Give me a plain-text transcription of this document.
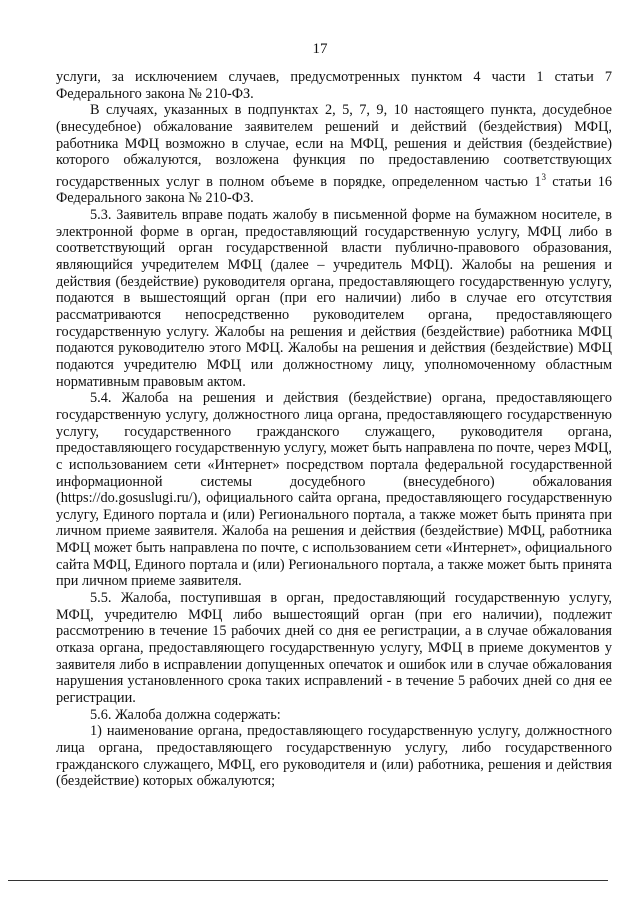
17

услуги, за исключением случаев, предусмотренных пунктом 4 части 1 статьи 7 Федерального закона № 210-ФЗ.

В случаях, указанных в подпунктах 2, 5, 7, 9, 10 настоящего пункта, досудебное (внесудебное) обжалование заявителем решений и действий (бездействия) МФЦ, работника МФЦ возможно в случае, если на МФЦ, решения и действия (бездействие) которого обжалуются, возложена функция по предоставлению соответствующих государственных услуг в полном объеме в порядке, определенном частью $1^3$ статьи 16 Федерального закона № 210-ФЗ.

5.3. Заявитель вправе подать жалобу в письменной форме на бумажном носителе, в электронной форме в орган, предоставляющий государственную услугу, МФЦ либо в соответствующий орган государственной власти публично-правового образования, являющийся учредителем МФЦ (далее – учредитель МФЦ). Жалобы на решения и действия (бездействие) руководителя органа, предоставляющего государственную услугу, подаются в вышестоящий орган (при его наличии) либо в случае его отсутствия рассматриваются непосредственно руководителем органа, предоставляющего государственную услугу. Жалобы на решения и действия (бездействие) работника МФЦ подаются руководителю этого МФЦ. Жалобы на решения и действия (бездействие) МФЦ подаются учредителю МФЦ или должностному лицу, уполномоченному областным нормативным правовым актом.

5.4. Жалоба на решения и действия (бездействие) органа, предоставляющего государственную услугу, должностного лица органа, предоставляющего государственную услугу, государственного гражданского служащего, руководителя органа, предоставляющего государственную услугу, может быть направлена по почте, через МФЦ, с использованием сети «Интернет» посредством портала федеральной государственной информационной системы досудебного (внесудебного) обжалования (https://do.gosuslugi.ru/), официального сайта органа, предоставляющего государственную услугу, Единого портала и (или) Регионального портала, а также может быть принята при личном приеме заявителя. Жалоба на решения и действия (бездействие) МФЦ, работника МФЦ может быть направлена по почте, с использованием сети «Интернет», официального сайта МФЦ, Единого портала и (или) Регионального портала, а также может быть принята при личном приеме заявителя.

5.5. Жалоба, поступившая в орган, предоставляющий государственную услугу, МФЦ, учредителю МФЦ либо вышестоящий орган (при его наличии), подлежит рассмотрению в течение 15 рабочих дней со дня ее регистрации, а в случае обжалования отказа органа, предоставляющего государственную услугу, МФЦ в приеме документов у заявителя либо в исправлении допущенных опечаток и ошибок или в случае обжалования нарушения установленного срока таких исправлений - в течение 5 рабочих дней со дня ее регистрации.

5.6. Жалоба должна содержать:

1) наименование органа, предоставляющего государственную услугу, должностного лица органа, предоставляющего государственную услугу, либо государственного гражданского служащего, МФЦ, его руководителя и (или) работника, решения и действия (бездействие) которых обжалуются;
